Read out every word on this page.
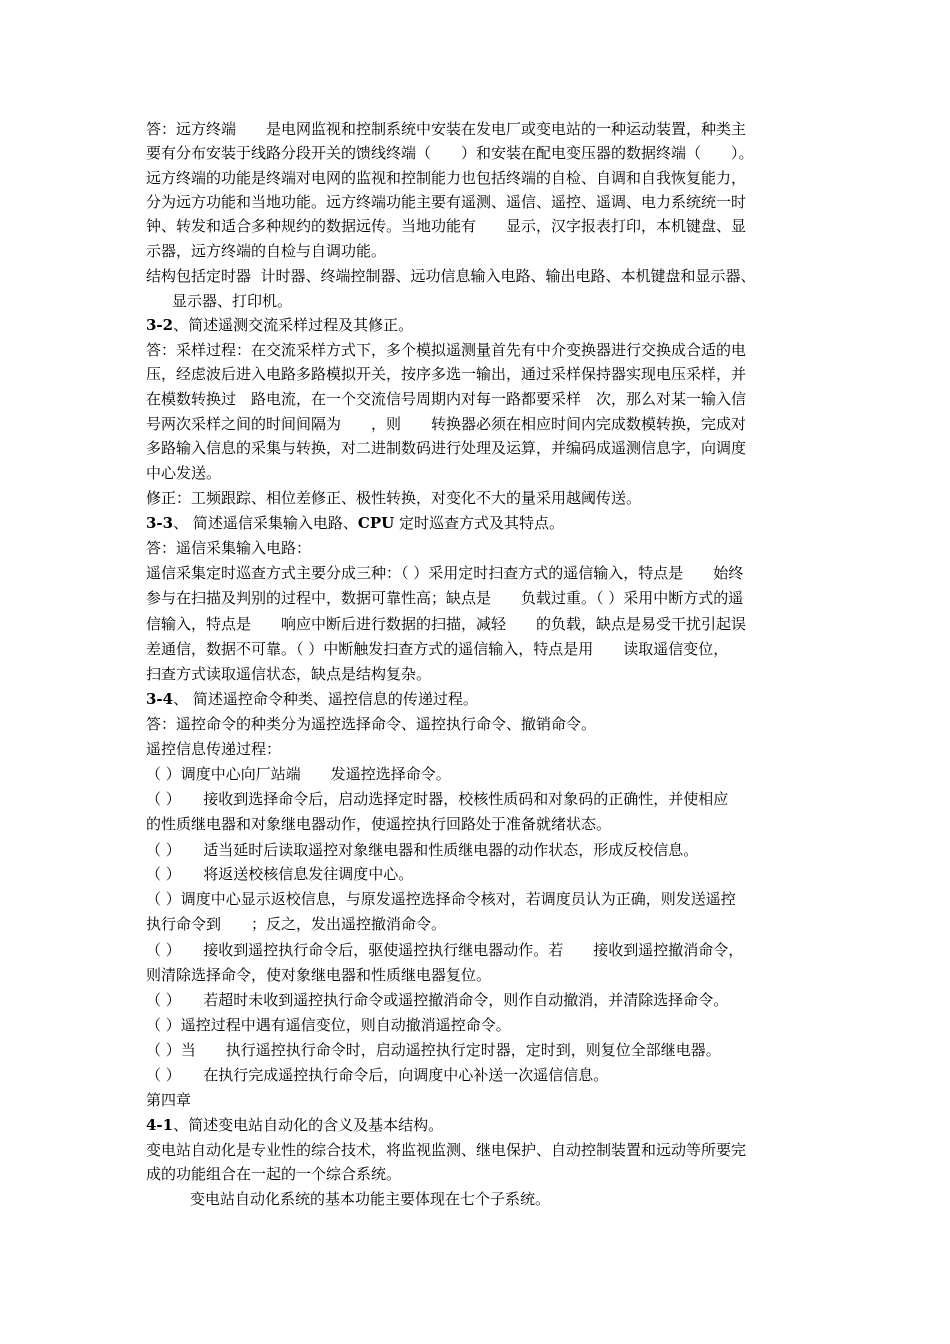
答：远方终端　　是电网监视和控制系统中安装在发电厂或变电站的一种运动装置，种类主
要有分布安装于线路分段开关的馈线终端（　　）和安装在配电变压器的数据终端（　　）。
远方终端的功能是终端对电网的监视和控制能力也包括终端的自检、自调和自我恢复能力，
分为远方功能和当地功能。远方终端功能主要有遥测、遥信、遥控、遥调、电力系统统一时
钟、转发和适合多种规约的数据远传。当地功能有　　显示，汉字报表打印，本机键盘、显
示器，远方终端的自检与自调功能。
结构包括定时器  计时器、终端控制器、远功信息输入电路、输出电路、本机键盘和显示器、
显示器、打印机。
3-2、简述遥测交流采样过程及其修正。
答：采样过程：在交流采样方式下，多个模拟遥测量首先有中介变换器进行交换成合适的电
压，经虑波后进入电路多路模拟开关，按序多选一输出，通过采样保持器实现电压采样，并
在模数转换过　路电流，在一个交流信号周期内对每一路都要采样　次，那么对某一输入信
号两次采样之间的时间间隔为　　，则　　转换器必须在相应时间内完成数模转换，完成对
多路输入信息的采集与转换，对二进制数码进行处理及运算，并编码成遥测信息字，向调度
中心发送。
修正：工频跟踪、相位差修正、极性转换，对变化不大的量采用越阈传送。
3-3、 简述遥信采集输入电路、CPU 定时巡查方式及其特点。
答：遥信采集输入电路：
遥信采集定时巡查方式主要分成三种：（ ）采用定时扫查方式的遥信输入，特点是　　始终
参与在扫描及判别的过程中，数据可靠性高；缺点是　　负载过重。（ ）采用中断方式的遥
信输入，特点是　　响应中断后进行数据的扫描，减轻　　的负载，缺点是易受干扰引起误
差通信，数据不可靠。（ ）中断触发扫查方式的遥信输入，特点是用　　读取遥信变位，
扫查方式读取遥信状态，缺点是结构复杂。
3-4、 简述遥控命令种类、遥控信息的传递过程。
答：遥控命令的种类分为遥控选择命令、遥控执行命令、撤销命令。
遥控信息传递过程：
（ ）调度中心向厂站端　　发遥控选择命令。
（ ）　　接收到选择命令后，启动选择定时器，校核性质码和对象码的正确性，并使相应
的性质继电器和对象继电器动作，使遥控执行回路处于准备就绪状态。
（ ）　　适当延时后读取遥控对象继电器和性质继电器的动作状态，形成反校信息。
（ ）　　将返送校核信息发往调度中心。
（ ）调度中心显示返校信息，与原发遥控选择命令核对，若调度员认为正确，则发送遥控
执行命令到　　；反之，发出遥控撤消命令。
（ ）　　接收到遥控执行命令后，驱使遥控执行继电器动作。若　　接收到遥控撤消命令，
则清除选择命令，使对象继电器和性质继电器复位。
（ ）　　若超时未收到遥控执行命令或遥控撤消命令，则作自动撤消，并清除选择命令。
（ ）遥控过程中遇有遥信变位，则自动撤消遥控命令。
（ ）当　　执行遥控执行命令时，启动遥控执行定时器，定时到，则复位全部继电器。
（ ）　　在执行完成遥控执行命令后，向调度中心补送一次遥信信息。
第四章
4-1、简述变电站自动化的含义及基本结构。
变电站自动化是专业性的综合技术，将监视监测、继电保护、自动控制装置和远动等所要完
成的功能组合在一起的一个综合系统。
变电站自动化系统的基本功能主要体现在七个子系统。
